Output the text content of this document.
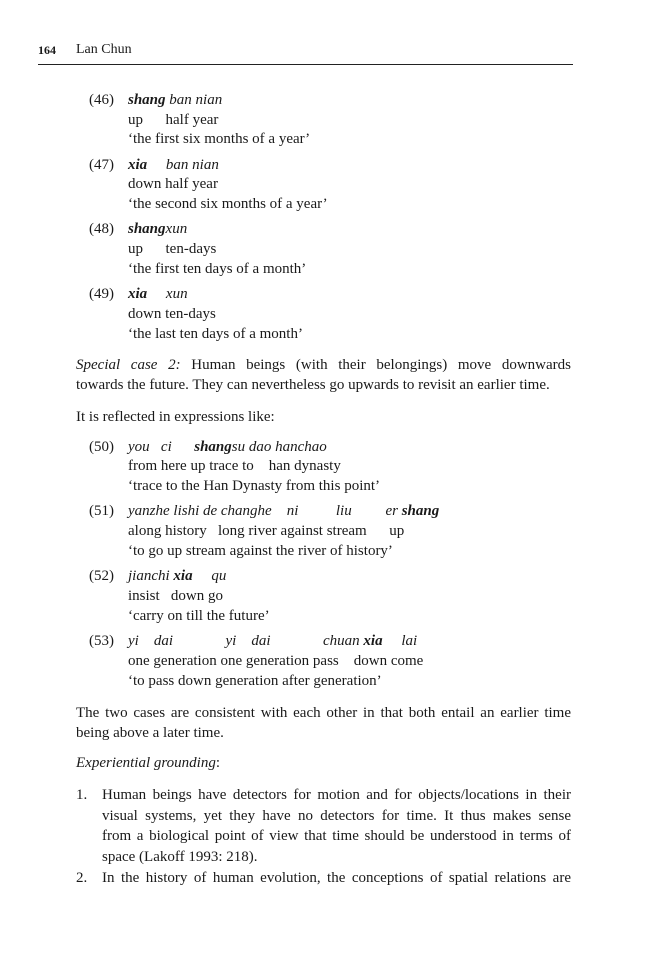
164 Lan Chun
(46) shang ban nian
up      half year
‘the first six months of a year’
(47) xia     ban nian
down half year
‘the second six months of a year’
(48) shangxun
up      ten-days
‘the first ten days of a month’
(49) xia     xun
down ten-days
‘the last ten days of a month’
Special case 2: Human beings (with their belongings) move downwards
towards the future. They can nevertheless go upwards to revisit an earlier time.
It is reflected in expressions like:
(50) you   ci      shangsu dao hanchao
from here up trace to    han dynasty
‘trace to the Han Dynasty from this point’
(51) yanzhe lishi de changhe    ni          liu         er shang
along history   long river against stream      up
‘to go up stream against the river of history’
(52) jianchi xia     qu
insist   down go
‘carry on till the future’
(53) yi    dai              yi    dai              chuan xia     lai
one generation one generation pass    down come
‘to pass down generation after generation’
The two cases are consistent with each other in that both entail an earlier time
being above a later time.
Experiential grounding:
1. Human beings have detectors for motion and for objects/locations in their
visual systems, yet they have no detectors for time. It thus makes sense
from a biological point of view that time should be understood in terms of
space (Lakoff 1993: 218).
2. In the history of human evolution, the conceptions of spatial relations are
